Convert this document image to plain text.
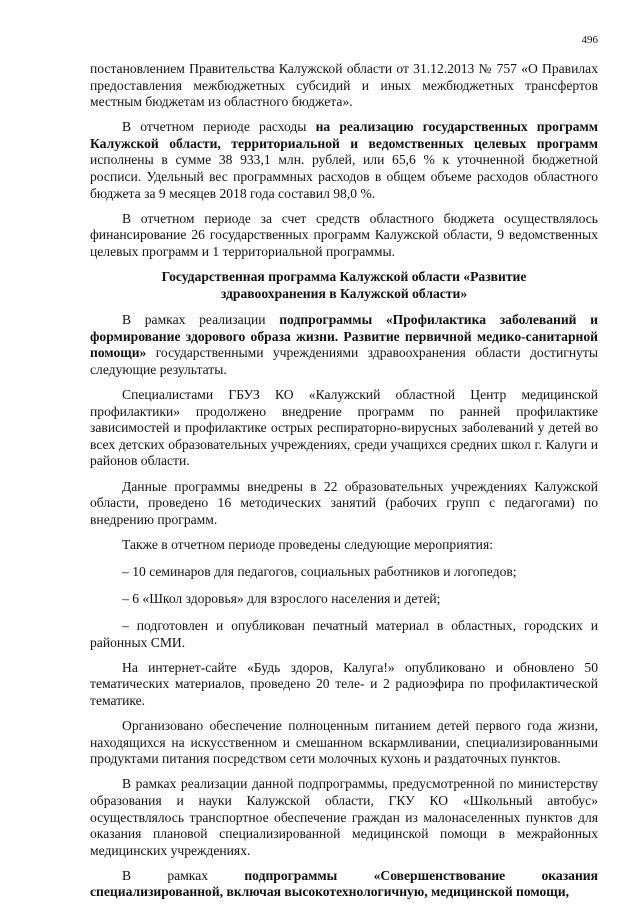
496

постановлением Правительства Калужской области от 31.12.2013 № 757 «О Правилах предоставления межбюджетных субсидий и иных межбюджетных трансфертов местным бюджетам из областного бюджета».

В отчетном периоде расходы на реализацию государственных программ Калужской области, территориальной и ведомственных целевых программ исполнены в сумме 38 933,1 млн. рублей, или 65,6 % к уточненной бюджетной росписи. Удельный вес программных расходов в общем объеме расходов областного бюджета за 9 месяцев 2018 года составил 98,0 %.

В отчетном периоде за счет средств областного бюджета осуществлялось финансирование 26 государственных программ Калужской области, 9 ведомственных целевых программ и 1 территориальной программы.

Государственная программа Калужской области «Развитие здравоохранения в Калужской области»

В рамках реализации подпрограммы «Профилактика заболеваний и формирование здорового образа жизни. Развитие первичной медико-санитарной помощи» государственными учреждениями здравоохранения области достигнуты следующие результаты.

Специалистами ГБУЗ КО «Калужский областной Центр медицинской профилактики» продолжено внедрение программ по ранней профилактике зависимостей и профилактике острых респираторно-вирусных заболеваний у детей во всех детских образовательных учреждениях, среди учащихся средних школ г. Калуги и районов области.

Данные программы внедрены в 22 образовательных учреждениях Калужской области, проведено 16 методических занятий (рабочих групп с педагогами) по внедрению программ.

Также в отчетном периоде проведены следующие мероприятия:

– 10 семинаров для педагогов, социальных работников и логопедов;

– 6 «Школ здоровья» для взрослого населения и детей;

– подготовлен и опубликован печатный материал в областных, городских и районных СМИ.

На интернет-сайте «Будь здоров, Калуга!» опубликовано и обновлено 50 тематических материалов, проведено 20 теле- и 2 радиоэфира по профилактической тематике.

Организовано обеспечение полноценным питанием детей первого года жизни, находящихся на искусственном и смешанном вскармливании, специализированными продуктами питания посредством сети молочных кухонь и раздаточных пунктов.

В рамках реализации данной подпрограммы, предусмотренной по министерству образования и науки Калужской области, ГКУ КО «Школьный автобус» осуществлялось транспортное обеспечение граждан из малонаселенных пунктов для оказания плановой специализированной медицинской помощи в межрайонных медицинских учреждениях.

В рамках подпрограммы «Совершенствование оказания специализированной, включая высокотехнологичную, медицинской помощи,
